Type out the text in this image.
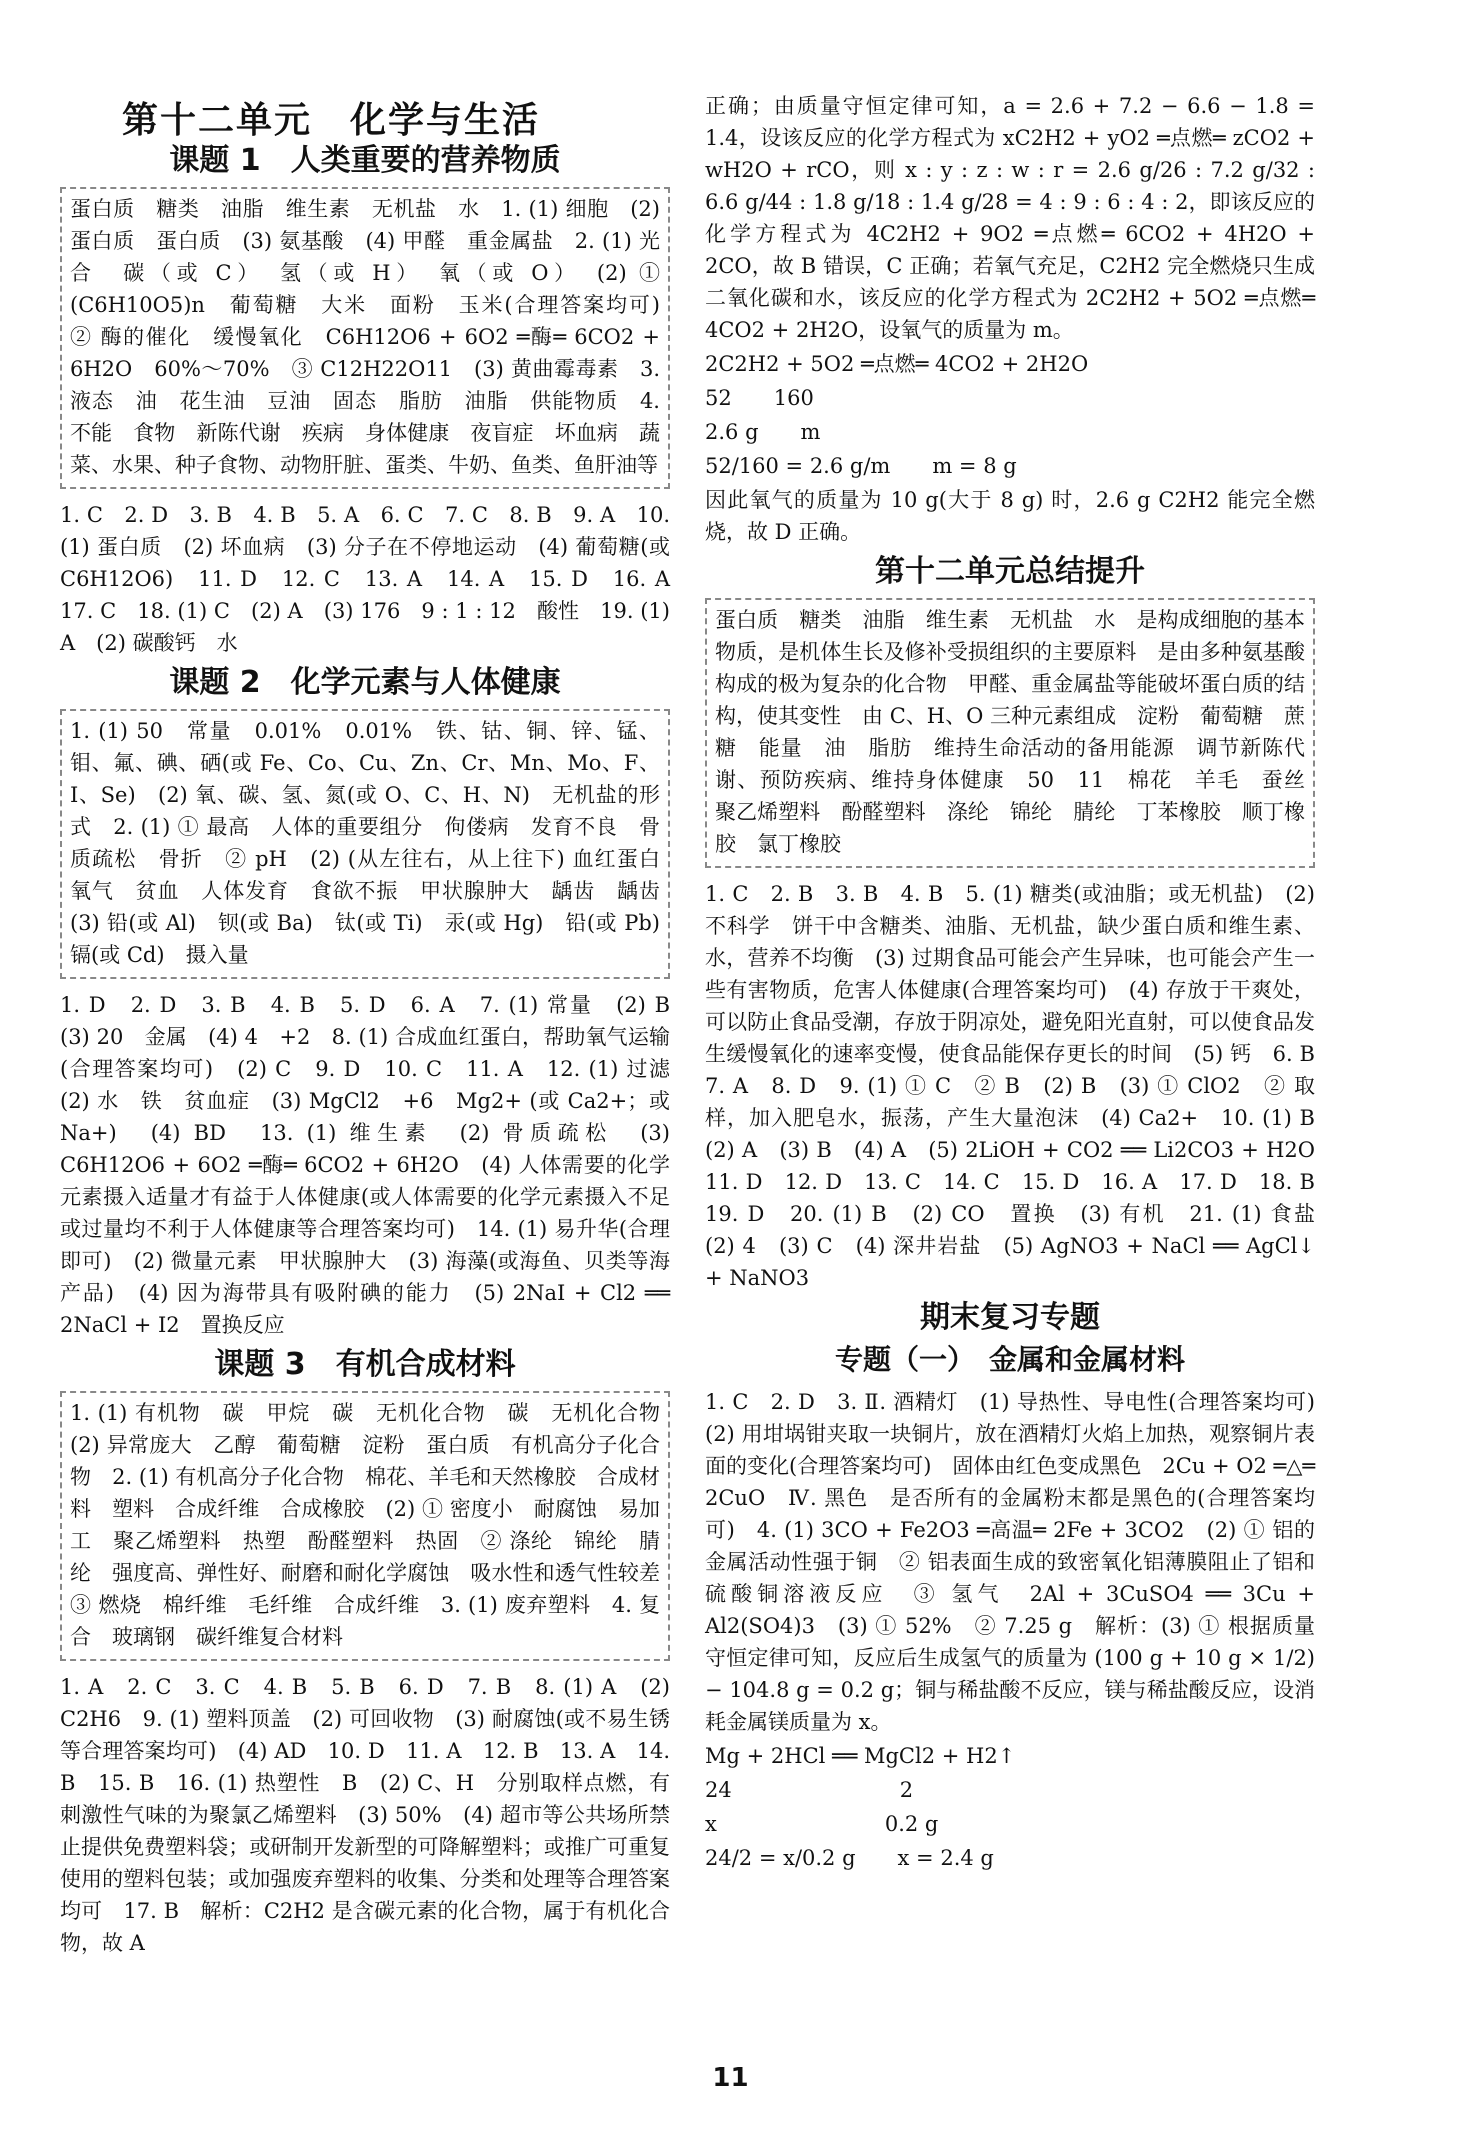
第十二单元　化学与生活
课题 1　人类重要的营养物质

蛋白质　糖类　油脂　维生素　无机盐　水　1. (1) 细胞　(2) 蛋白质　蛋白质　(3) 氨基酸　(4) 甲醛　重金属盐　2. (1) 光合　碳（或 C）　氢（或 H）　氧（或 O）　(2) ① (C6H10O5)n　葡萄糖　大米　面粉　玉米(合理答案均可)　② 酶的催化　缓慢氧化　C6H12O6 + 6O2 ═酶═ 6CO2 + 6H2O　60%～70%　③ C12H22O11　(3) 黄曲霉毒素　3. 液态　油　花生油　豆油　固态　脂肪　油脂　供能物质　4. 不能　食物　新陈代谢　疾病　身体健康　夜盲症　坏血病　蔬菜、水果、种子食物、动物肝脏、蛋类、牛奶、鱼类、鱼肝油等

1. C　2. D　3. B　4. B　5. A　6. C　7. C　8. B　9. A　10. (1) 蛋白质　(2) 坏血病　(3) 分子在不停地运动　(4) 葡萄糖(或 C6H12O6)　11. D　12. C　13. A　14. A　15. D　16. A　17. C　18. (1) C　(2) A　(3) 176　9 : 1 : 12　酸性　19. (1) A　(2) 碳酸钙　水

课题 2　化学元素与人体健康

1. (1) 50　常量　0.01%　0.01%　铁、钴、铜、锌、锰、钼、氟、碘、硒(或 Fe、Co、Cu、Zn、Cr、Mn、Mo、F、I、Se)　(2) 氧、碳、氢、氮(或 O、C、H、N)　无机盐的形式　2. (1) ① 最高　人体的重要组分　佝偻病　发育不良　骨质疏松　骨折　② pH　(2) (从左往右，从上往下) 血红蛋白　氧气　贫血　人体发育　食欲不振　甲状腺肿大　龋齿　龋齿　(3) 铅(或 Al)　钡(或 Ba)　钛(或 Ti)　汞(或 Hg)　铅(或 Pb)　镉(或 Cd)　摄入量

1. D　2. D　3. B　4. B　5. D　6. A　7. (1) 常量　(2) B　(3) 20　金属　(4) 4　+2　8. (1) 合成血红蛋白，帮助氧气运输(合理答案均可)　(2) C　9. D　10. C　11. A　12. (1) 过滤　(2) 水　铁　贫血症　(3) MgCl2　+6　Mg2+ (或 Ca2+；或 Na+)　(4) BD　13. (1) 维生素　(2) 骨质疏松　(3) C6H12O6 + 6O2 ═酶═ 6CO2 + 6H2O　(4) 人体需要的化学元素摄入适量才有益于人体健康(或人体需要的化学元素摄入不足或过量均不利于人体健康等合理答案均可)　14. (1) 易升华(合理即可)　(2) 微量元素　甲状腺肿大　(3) 海藻(或海鱼、贝类等海产品)　(4) 因为海带具有吸附碘的能力　(5) 2NaI + Cl2 ══ 2NaCl + I2　置换反应

课题 3　有机合成材料

1. (1) 有机物　碳　甲烷　碳　无机化合物　碳　无机化合物　(2) 异常庞大　乙醇　葡萄糖　淀粉　蛋白质　有机高分子化合物　2. (1) 有机高分子化合物　棉花、羊毛和天然橡胶　合成材料　塑料　合成纤维　合成橡胶　(2) ① 密度小　耐腐蚀　易加工　聚乙烯塑料　热塑　酚醛塑料　热固　② 涤纶　锦纶　腈纶　强度高、弹性好、耐磨和耐化学腐蚀　吸水性和透气性较差　③ 燃烧　棉纤维　毛纤维　合成纤维　3. (1) 废弃塑料　4. 复合　玻璃钢　碳纤维复合材料

1. A　2. C　3. C　4. B　5. B　6. D　7. B　8. (1) A　(2) C2H6　9. (1) 塑料顶盖　(2) 可回收物　(3) 耐腐蚀(或不易生锈等合理答案均可)　(4) AD　10. D　11. A　12. B　13. A　14. B　15. B　16. (1) 热塑性　B　(2) C、H　分别取样点燃，有刺激性气味的为聚氯乙烯塑料　(3) 50%　(4) 超市等公共场所禁止提供免费塑料袋；或研制开发新型的可降解塑料；或推广可重复使用的塑料包装；或加强废弃塑料的收集、分类和处理等合理答案均可　17. B　解析：C2H2 是含碳元素的化合物，属于有机化合物，故 A

正确；由质量守恒定律可知，a = 2.6 + 7.2 − 6.6 − 1.8 = 1.4，设该反应的化学方程式为 xC2H2 + yO2 ═点燃═ zCO2 + wH2O + rCO，则 x : y : z : w : r = 2.6 g/26 : 7.2 g/32 : 6.6 g/44 : 1.8 g/18 : 1.4 g/28 = 4 : 9 : 6 : 4 : 2，即该反应的化学方程式为 4C2H2 + 9O2 ═点燃═ 6CO2 + 4H2O + 2CO，故 B 错误，C 正确；若氧气充足，C2H2 完全燃烧只生成二氧化碳和水，该反应的化学方程式为 2C2H2 + 5O2 ═点燃═ 4CO2 + 2H2O，设氧气的质量为 m。

2C2H2 + 5O2 ═点燃═ 4CO2 + 2H2O

52　　160

2.6 g　　m

52/160 = 2.6 g/m　　m = 8 g

因此氧气的质量为 10 g(大于 8 g) 时，2.6 g C2H2 能完全燃烧，故 D 正确。

第十二单元总结提升

蛋白质　糖类　油脂　维生素　无机盐　水　是构成细胞的基本物质，是机体生长及修补受损组织的主要原料　是由多种氨基酸构成的极为复杂的化合物　甲醛、重金属盐等能破坏蛋白质的结构，使其变性　由 C、H、O 三种元素组成　淀粉　葡萄糖　蔗糖　能量　油　脂肪　维持生命活动的备用能源　调节新陈代谢、预防疾病、维持身体健康　50　11　棉花　羊毛　蚕丝　聚乙烯塑料　酚醛塑料　涤纶　锦纶　腈纶　丁苯橡胶　顺丁橡胶　氯丁橡胶

1. C　2. B　3. B　4. B　5. (1) 糖类(或油脂；或无机盐)　(2) 不科学　饼干中含糖类、油脂、无机盐，缺少蛋白质和维生素、水，营养不均衡　(3) 过期食品可能会产生异味，也可能会产生一些有害物质，危害人体健康(合理答案均可)　(4) 存放于干爽处，可以防止食品受潮，存放于阴凉处，避免阳光直射，可以使食品发生缓慢氧化的速率变慢，使食品能保存更长的时间　(5) 钙　6. B　7. A　8. D　9. (1) ① C　② B　(2) B　(3) ① ClO2　② 取样，加入肥皂水，振荡，产生大量泡沫　(4) Ca2+　10. (1) B　(2) A　(3) B　(4) A　(5) 2LiOH + CO2 ══ Li2CO3 + H2O　11. D　12. D　13. C　14. C　15. D　16. A　17. D　18. B　19. D　20. (1) B　(2) CO　置换　(3) 有机　21. (1) 食盐　(2) 4　(3) C　(4) 深井岩盐　(5) AgNO3 + NaCl ══ AgCl↓ + NaNO3

期末复习专题
专题（一）　金属和金属材料

1. C　2. D　3. Ⅱ. 酒精灯　(1) 导热性、导电性(合理答案均可)　(2) 用坩埚钳夹取一块铜片，放在酒精灯火焰上加热，观察铜片表面的变化(合理答案均可)　固体由红色变成黑色　2Cu + O2 ═△═ 2CuO　Ⅳ. 黑色　是否所有的金属粉末都是黑色的(合理答案均可)　4. (1) 3CO + Fe2O3 ═高温═ 2Fe + 3CO2　(2) ① 铝的金属活动性强于铜　② 铝表面生成的致密氧化铝薄膜阻止了铝和硫酸铜溶液反应　③ 氢气　2Al + 3CuSO4 ══ 3Cu + Al2(SO4)3　(3) ① 52%　② 7.25 g　解析：(3) ① 根据质量守恒定律可知，反应后生成氢气的质量为 (100 g + 10 g × 1/2) − 104.8 g = 0.2 g；铜与稀盐酸不反应，镁与稀盐酸反应，设消耗金属镁质量为 x。

Mg + 2HCl ══ MgCl2 + H2↑

24　　　　　　　　2

x　　　　　　　　0.2 g

24/2 = x/0.2 g　　x = 2.4 g

11
